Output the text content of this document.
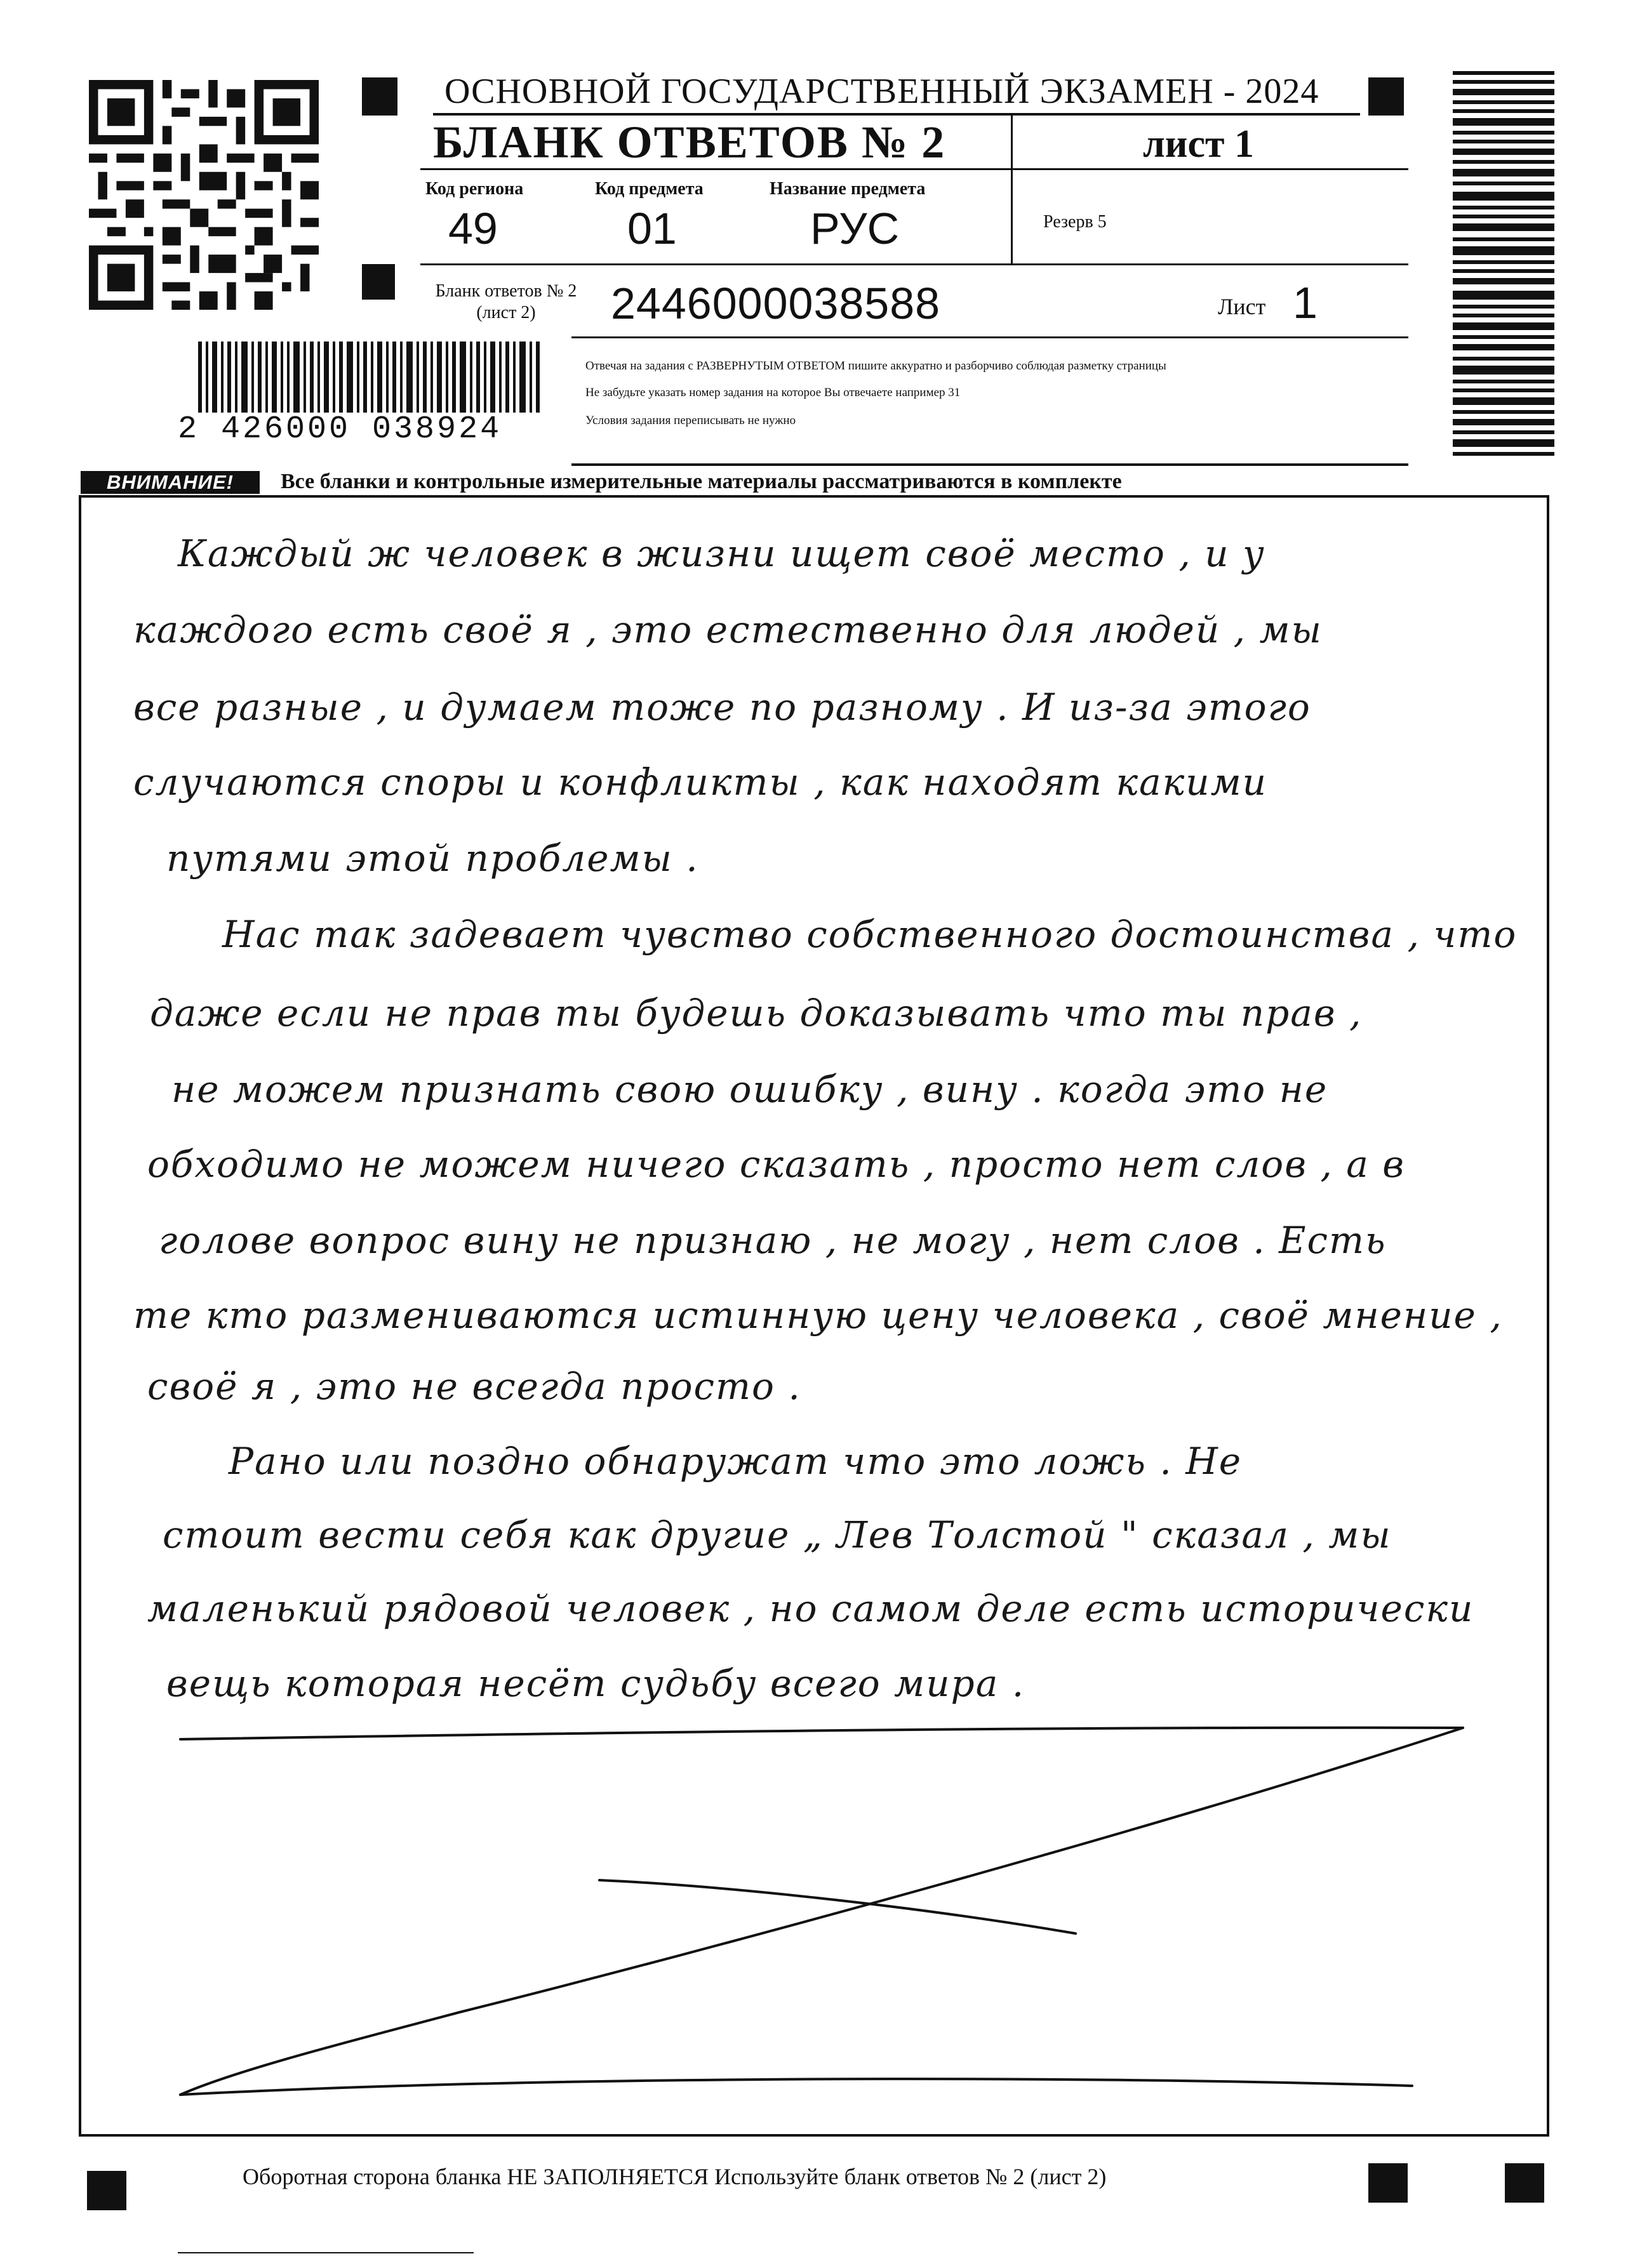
ОСНОВНОЙ ГОСУДАРСТВЕННЫЙ ЭКЗАМЕН - 2024
БЛАНК ОТВЕТОВ № 2	лист 1
Код региона
49
Код предмета
01
Название предмета
РУС	Резерв 5
Бланк ответов № 2
(лист 2)	2446000038588	Лист 1
Отвечая на задания с РАЗВЕРНУТЫМ ОТВЕТОМ пишите аккуратно и разборчиво соблюдая разметку страницы
Не забудьте указать номер задания на которое Вы отвечаете например 31
Условия задания переписывать не нужно
2 426000 038924
ВНИМАНИЕ!	Все бланки и контрольные измерительные материалы рассматриваются в комплекте
Каждый ж человек в жизни ищет своё место , и у
каждого есть своё я , это естественно для людей , мы
все разные , и думаем тоже по разному . И из-за этого
случаются споры и конфликты , как находят какими
путями этой проблемы .
Нас так задевает чувство собственного достоинства , что
даже если не прав ты будешь доказывать что ты прав ,
не можем признать свою ошибку , вину . когда это не
обходимо не можем ничего сказать , просто нет слов , а в
голове вопрос вину не признаю , не могу , нет слов . Есть
те кто размениваются истинную цену человека , своё мнение ,
своё я , это не всегда просто .
Рано или поздно обнаружат что это ложь . Не
стоит вести себя как другие „ Лев Толстой " сказал , мы
маленький рядовой человек , но самом деле есть исторически
вещь которая несёт судьбу всего мира .
Оборотная сторона бланка НЕ ЗАПОЛНЯЕТСЯ Используйте бланк ответов № 2 (лист 2)
